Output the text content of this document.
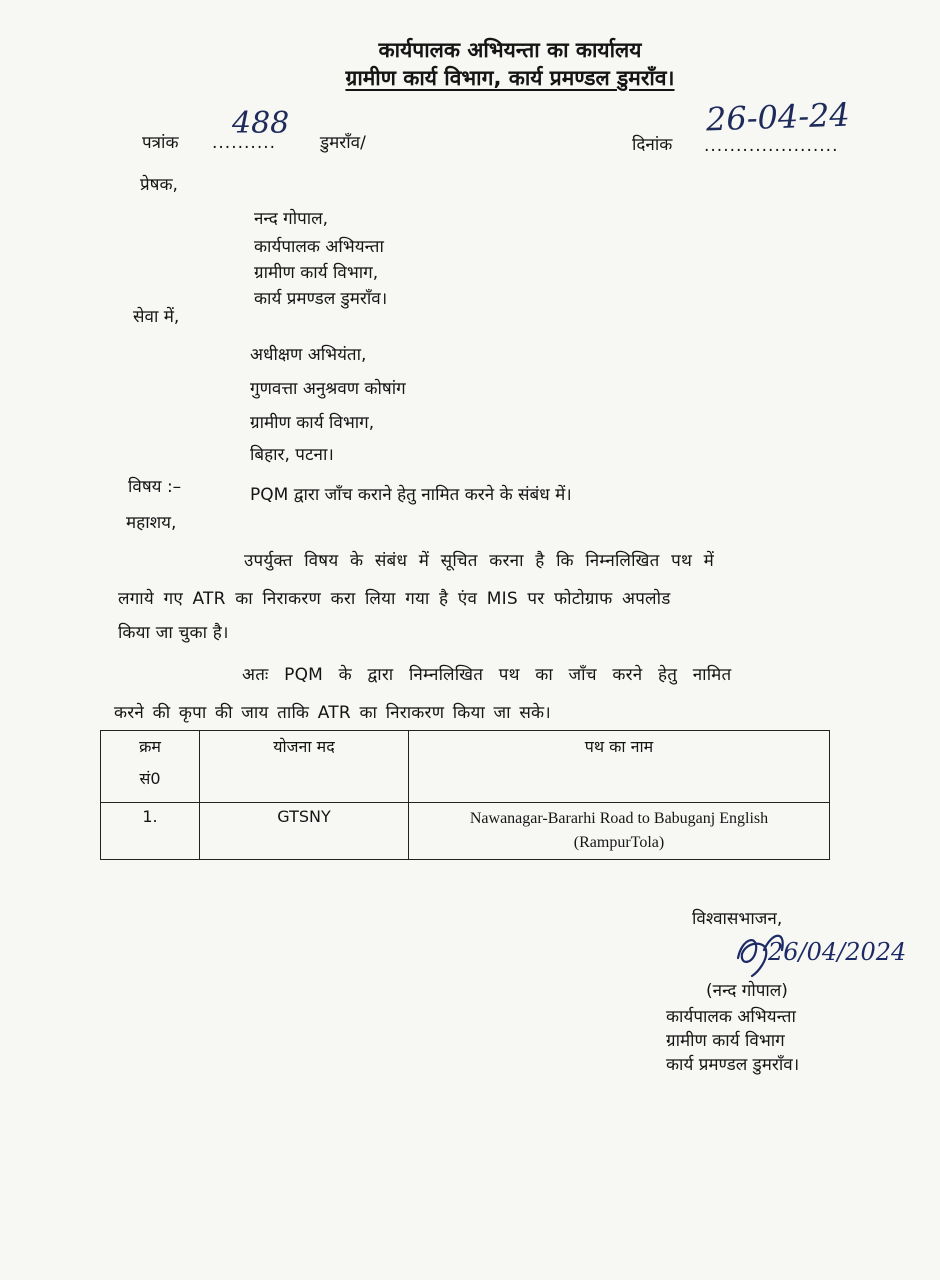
कार्यपालक अभियन्ता का कार्यालय
ग्रामीण कार्य विभाग, कार्य प्रमण्डल डुमराँव।
पत्रांक ..........
488
डुमराँव/	दिनांक .....................
26-04-24
प्रेषक,
नन्द गोपाल,
कार्यपालक अभियन्ता
ग्रामीण कार्य विभाग,
कार्य प्रमण्डल डुमराँव।
सेवा में,
अधीक्षण अभियंता,
गुणवत्ता अनुश्रवण कोषांग
ग्रामीण कार्य विभाग,
बिहार, पटना।
विषय :–	PQM द्वारा जाँच कराने हेतु नामित करने के संबंध में।
महाशय,
उपर्युक्त विषय के संबंध में सूचित करना है कि निम्नलिखित पथ में
लगाये गए ATR का निराकरण करा लिया गया है एंव MIS पर फोटोग्राफ अपलोड
किया जा चुका है।
अतः PQM के द्वारा निम्नलिखित पथ का जाँच करने हेतु नामित
करने की कृपा की जाय ताकि ATR का निराकरण किया जा सके।
क्रम
सं0	योजना मद	पथ का नाम
1.	GTSNY	Nawanagar-Bararhi Road to Babuganj English
(RampurTola)
विश्वासभाजन,
26/04/2024
(नन्द गोपाल)
कार्यपालक अभियन्ता
ग्रामीण कार्य विभाग
कार्य प्रमण्डल डुमराँव।
